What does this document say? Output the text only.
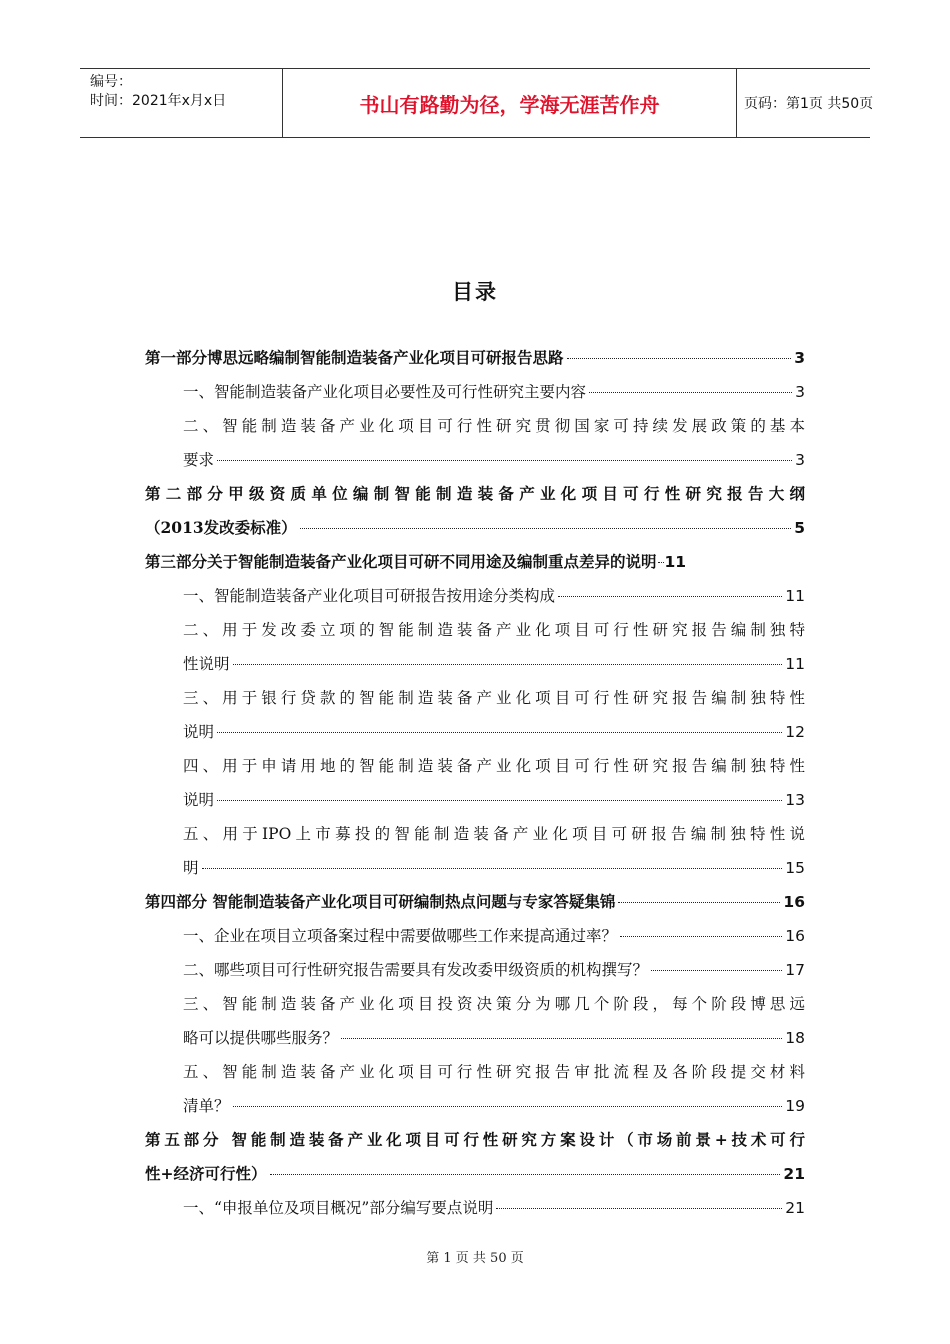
编号：
时间：2021年x月x日	书山有路勤为径，学海无涯苦作舟	页码：第1页 共50页
目录
第一部分博思远略编制智能制造装备产业化项目可研报告思路	3
一、智能制造装备产业化项目必要性及可行性研究主要内容	3
二、智能制造装备产业化项目可行性研究贯彻国家可持续发展政策的基本
要求	3
第二部分甲级资质单位编制智能制造装备产业化项目可行性研究报告大纲
（2013发改委标准）	5
第三部分关于智能制造装备产业化项目可研不同用途及编制重点差异的说明 11
一、智能制造装备产业化项目可研报告按用途分类构成	11
二、用于发改委立项的智能制造装备产业化项目可行性研究报告编制独特
性说明	11
三、用于银行贷款的智能制造装备产业化项目可行性研究报告编制独特性
说明	12
四、用于申请用地的智能制造装备产业化项目可行性研究报告编制独特性
说明	13
五、用于IPO上市募投的智能制造装备产业化项目可研报告编制独特性说
明	15
第四部分 智能制造装备产业化项目可研编制热点问题与专家答疑集锦	16
一、企业在项目立项备案过程中需要做哪些工作来提高通过率？	16
二、哪些项目可行性研究报告需要具有发改委甲级资质的机构撰写？	17
三、智能制造装备产业化项目投资决策分为哪几个阶段，每个阶段博思远
略可以提供哪些服务？	18
五、智能制造装备产业化项目可行性研究报告审批流程及各阶段提交材料
清单？	19
第五部分 智能制造装备产业化项目可行性研究方案设计（市场前景+技术可行
性+经济可行性）	21
一、“申报单位及项目概况”部分编写要点说明	21
第 1 页 共 50 页
